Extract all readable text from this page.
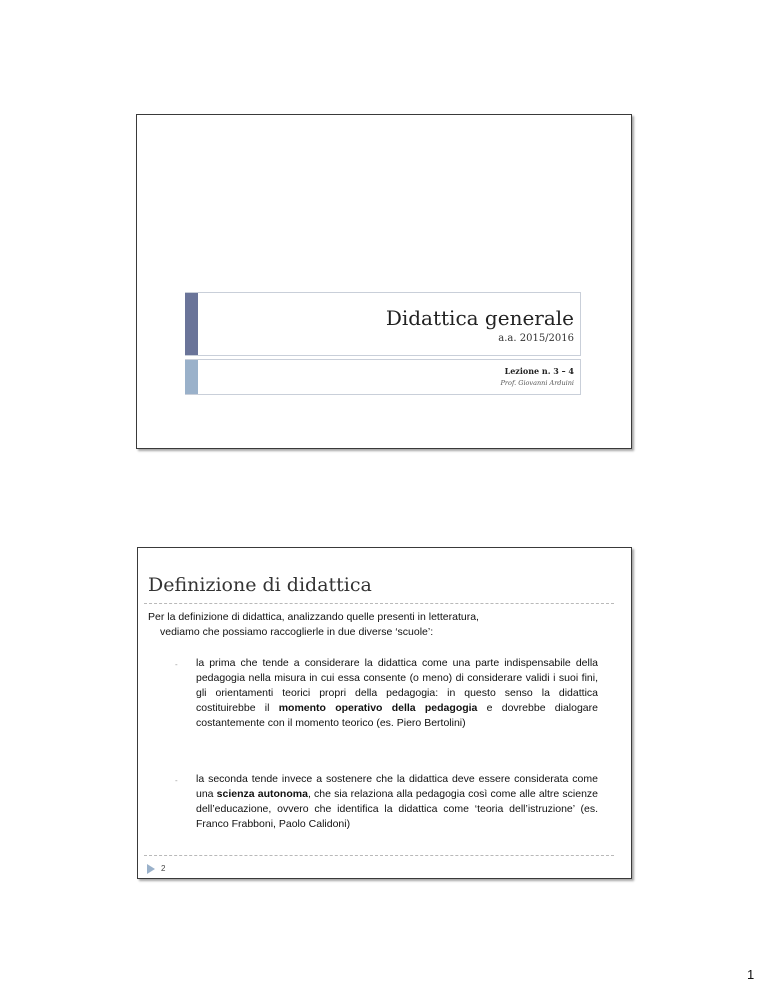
Didattica generale
a.a. 2015/2016
Lezione n. 3 – 4
Prof. Giovanni Arduini
Definizione di didattica
Per la definizione di didattica, analizzando quelle presenti in letteratura,
vediamo che possiamo raccoglierle in due diverse ‘scuole’:
- la prima che tende a considerare la didattica come una parte indispensabile della pedagogia nella misura in cui essa consente (o meno) di considerare validi i suoi fini, gli orientamenti teorici propri della pedagogia: in questo senso la didattica costituirebbe il momento operativo della pedagogia e dovrebbe dialogare costantemente con il momento teorico (es. Piero Bertolini)
- la seconda tende invece a sostenere che la didattica deve essere considerata come una scienza autonoma, che sia relaziona alla pedagogia così come alle altre scienze dell’educazione, ovvero che identifica la didattica come ‘teoria dell’istruzione’ (es. Franco Frabboni, Paolo Calidoni)
2
1
